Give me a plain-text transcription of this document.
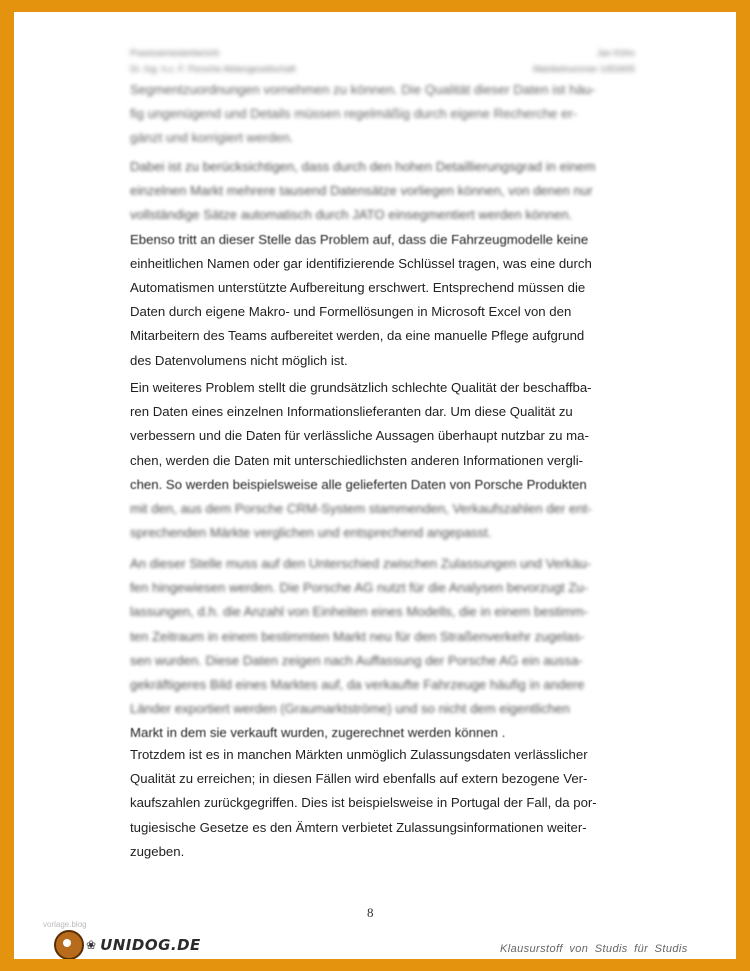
Praxissemesterbericht	Jan Köhn
Dr. Ing. h.c. F. Porsche Aktiengesellschaft	Matrikelnummer 1453405

Segmentzuordnungen vornehmen zu können. Die Qualität dieser Daten ist häu-
fig ungenügend und Details müssen regelmäßig durch eigene Recherche er-
gänzt und korrigiert werden.

Dabei ist zu berücksichtigen, dass durch den hohen Detaillierungsgrad in einem
einzelnen Markt mehrere tausend Datensätze vorliegen können, von denen nur
vollständige Sätze automatisch durch JATO einsegmentiert werden können.
Ebenso tritt an dieser Stelle das Problem auf, dass die Fahrzeugmodelle keine
einheitlichen Namen oder gar identifizierende Schlüssel tragen, was eine durch
Automatismen unterstützte Aufbereitung erschwert. Entsprechend müssen die
Daten durch eigene Makro- und Formellösungen in Microsoft Excel von den
Mitarbeitern des Teams aufbereitet werden, da eine manuelle Pflege aufgrund
des Datenvolumens nicht möglich ist.

Ein weiteres Problem stellt die grundsätzlich schlechte Qualität der beschaffba-
ren Daten eines einzelnen Informationslieferanten dar. Um diese Qualität zu
verbessern und die Daten für verlässliche Aussagen überhaupt nutzbar zu ma-
chen, werden die Daten mit unterschiedlichsten anderen Informationen vergli-
chen. So werden beispielsweise alle gelieferten Daten von Porsche Produkten
mit den, aus dem Porsche CRM-System stammenden, Verkaufszahlen der ent-
sprechenden Märkte verglichen und entsprechend angepasst.

An dieser Stelle muss auf den Unterschied zwischen Zulassungen und Verkäu-
fen hingewiesen werden. Die Porsche AG nutzt für die Analysen bevorzugt Zu-
lassungen, d.h. die Anzahl von Einheiten eines Modells, die in einem bestimm-
ten Zeitraum in einem bestimmten Markt neu für den Straßenverkehr zugelas-
sen wurden. Diese Daten zeigen nach Auffassung der Porsche AG ein aussa-
gekräftigeres Bild eines Marktes auf, da verkaufte Fahrzeuge häufig in andere
Länder exportiert werden (Graumarktströme) und so nicht dem eigentlichen
Markt in dem sie verkauft wurden, zugerechnet werden können .

Trotzdem ist es in manchen Märkten unmöglich Zulassungsdaten verlässlicher
Qualität zu erreichen; in diesen Fällen wird ebenfalls auf extern bezogene Ver-
kaufszahlen zurückgegriffen. Dies ist beispielsweise in Portugal der Fall, da por-
tugiesische Gesetze es den Ämtern verbietet Zulassungsinformationen weiter-
zugeben.

8
vorlage.blog
❀ UNIDOG.DE	Klausurstoff von Studis für Studis
